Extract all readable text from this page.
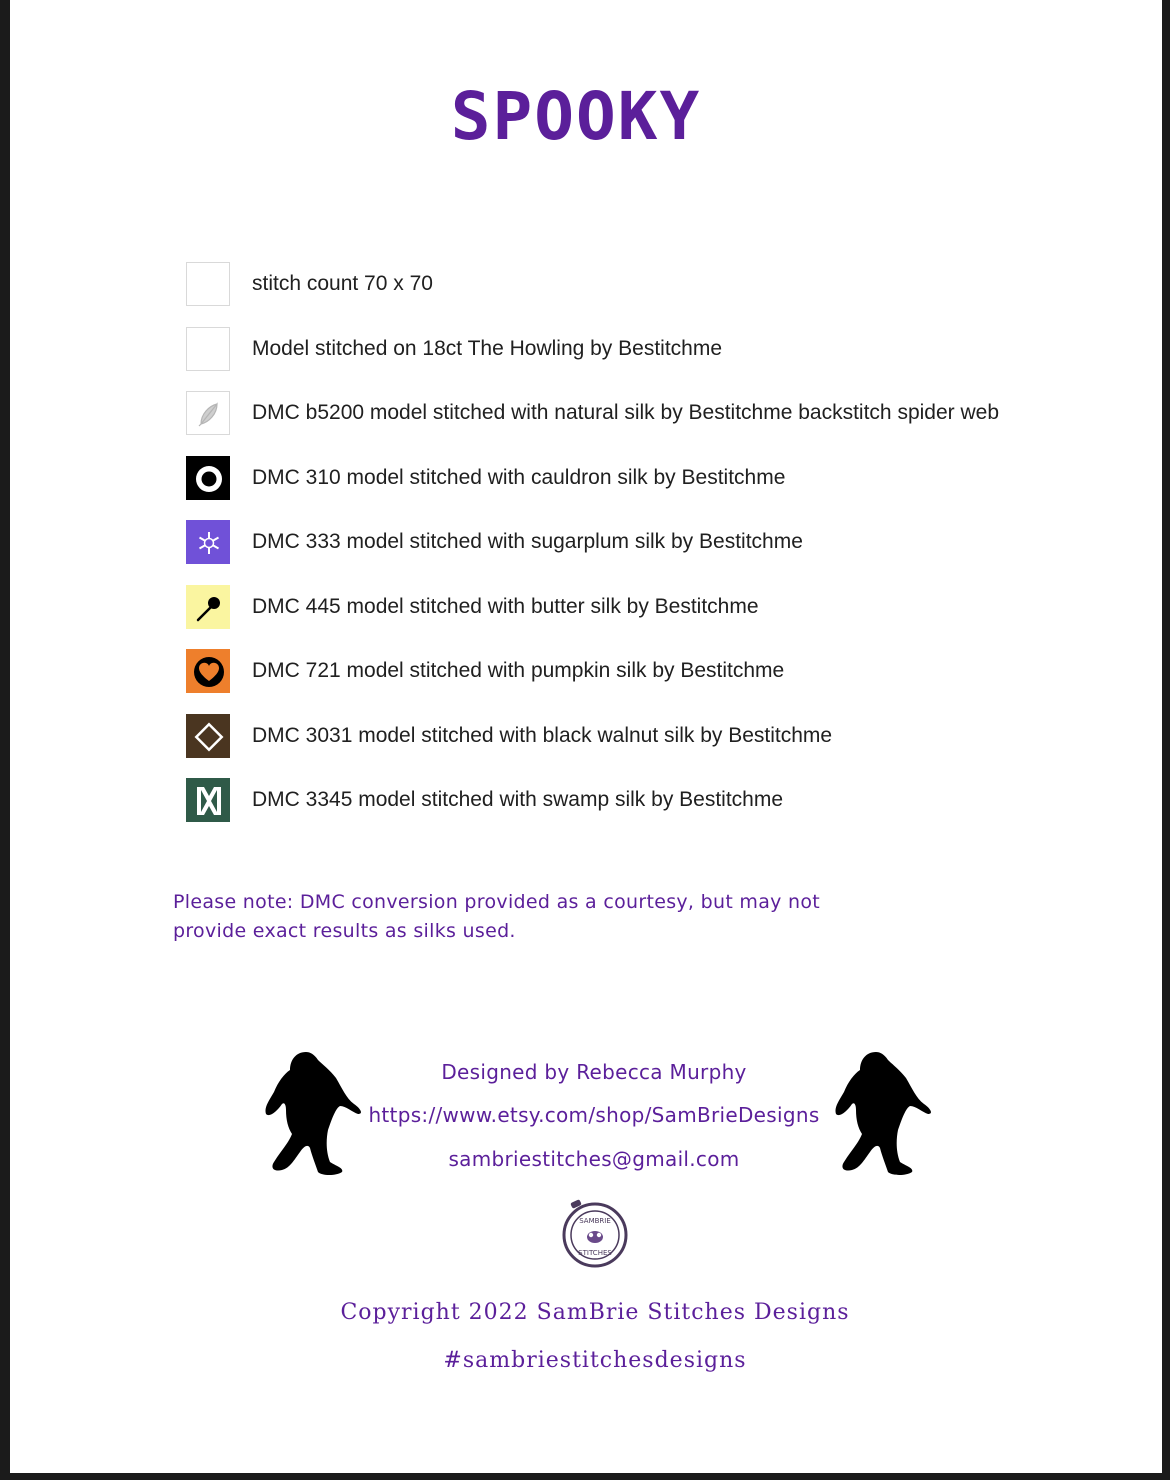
SPOOKY
stitch count 70 x 70
Model stitched on 18ct The Howling by Bestitchme
DMC b5200 model stitched with natural silk by Bestitchme backstitch spider web
DMC 310 model stitched with cauldron silk by Bestitchme
DMC 333 model stitched with sugarplum silk by Bestitchme
DMC 445 model stitched with butter silk by Bestitchme
DMC 721 model stitched with pumpkin silk by Bestitchme
DMC 3031 model stitched with black walnut silk by Bestitchme
DMC 3345 model stitched with swamp silk by Bestitchme
Please note: DMC conversion provided as a courtesy, but may not provide exact results as silks used.
Designed by Rebecca Murphy
https://www.etsy.com/shop/SamBrieDesigns
sambriestitches@gmail.com
SAMBRIE
STITCHES
Copyright 2022 SamBrie Stitches Designs
#sambriestitchesdesigns
